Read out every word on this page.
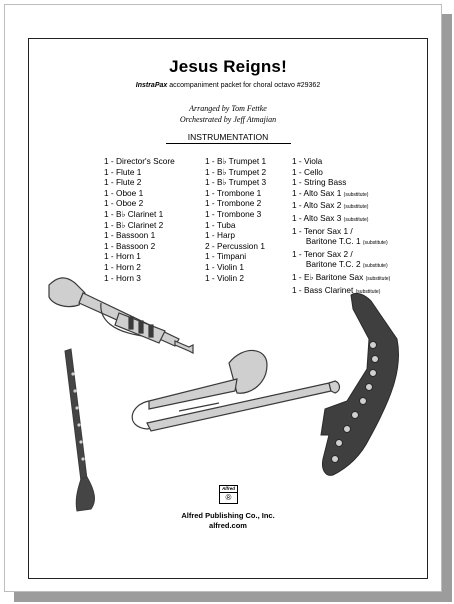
Jesus Reigns!
InstraPax accompaniment packet for choral octavo #29362
Arranged by Tom Fettke
Orchestrated by Jeff Atmajian
INSTRUMENTATION
1 - Director's Score
1 - Flute 1
1 - Flute 2
1 - Oboe 1
1 - Oboe 2
1 - B♭ Clarinet 1
1 - B♭ Clarinet 2
1 - Bassoon 1
1 - Bassoon 2
1 - Horn 1
1 - Horn 2
1 - Horn 3
1 - B♭ Trumpet 1
1 - B♭ Trumpet 2
1 - B♭ Trumpet 3
1 - Trombone 1
1 - Trombone 2
1 - Trombone 3
1 - Tuba
1 - Harp
2 - Percussion 1
1 - Timpani
1 - Violin 1
1 - Violin 2
1 - Viola
1 - Cello
1 - String Bass
1 - Alto Sax 1 (substitute)
1 - Alto Sax 2 (substitute)
1 - Alto Sax 3 (substitute)
1 - Tenor Sax 1 /
Baritone T.C. 1 (substitute)
1 - Tenor Sax 2 /
Baritone T.C. 2 (substitute)
1 - E♭ Baritone Sax (substitute)
1 - Bass Clarinet (substitute)
Alfred
®
Alfred Publishing Co., Inc.
alfred.com
